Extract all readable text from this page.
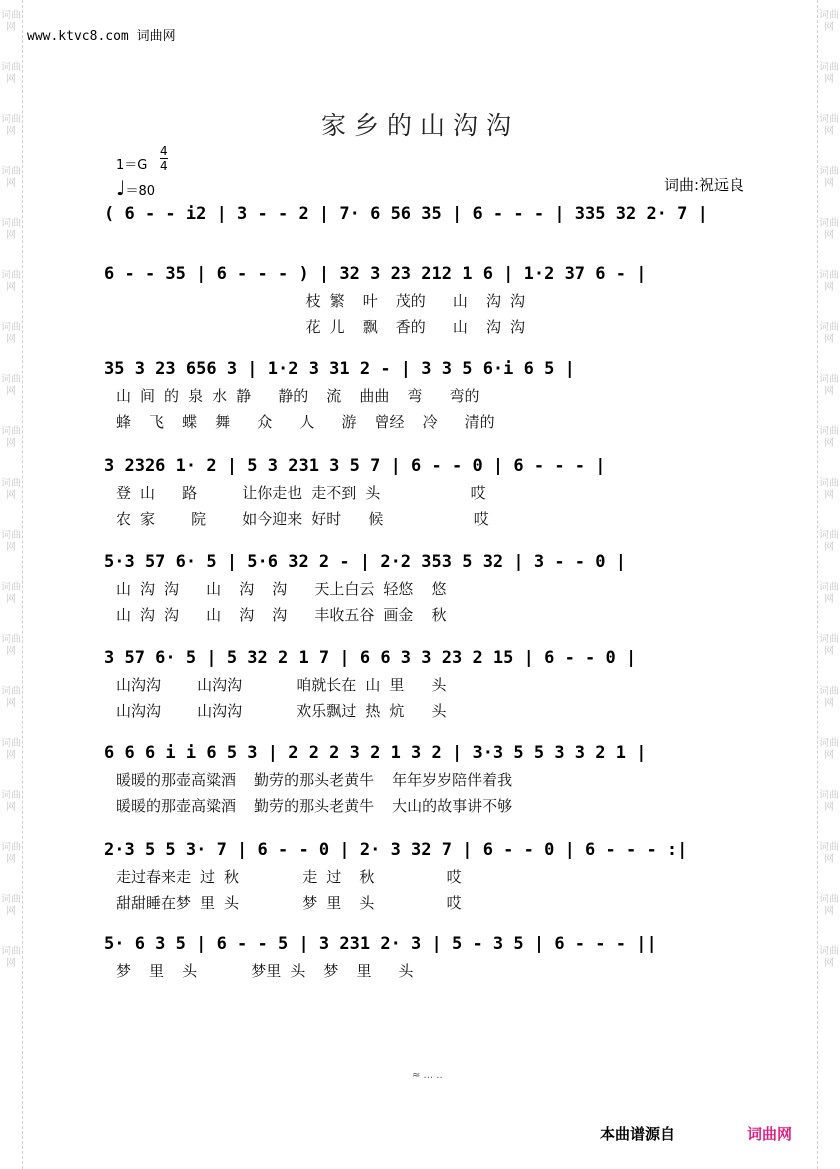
词曲网
词曲网
词曲网
词曲网
词曲网
词曲网
词曲网
词曲网
词曲网
词曲网
词曲网
词曲网
词曲网
词曲网
词曲网
词曲网
词曲网
词曲网
词曲网
词曲网
词曲网
词曲网
词曲网
词曲网
词曲网
词曲网
词曲网
词曲网
词曲网
词曲网
词曲网
词曲网
词曲网
词曲网
词曲网
词曲网
词曲网
词曲网
www.ktvc8.com 词曲网
家乡的山沟沟
1＝G
4
4
♩＝80	词曲:祝远良
( 6 - - i2 | 3 - - 2 | 7· 6 56 35 | 6 - - - | 335 32 2· 7 |
6 - - 35 | 6 - - - ) | 32 3 23 212 1 6 | 1·2 37 6 - |
枝 繁  叶  茂的   山  沟 沟
花 儿  飘  香的   山  沟 沟
35 3 23 656 3 | 1·2 3 31 2 - | 3 3 5 6·i 6 5 |
山 间 的 泉 水 静   静的  流  曲曲  弯   弯的
蜂  飞  蝶  舞   众   人   游  曾经  冷   清的
3 2326 1· 2 | 5 3 231 3 5 7 | 6 - - 0 | 6 - - - |
登 山   路     让你走也 走不到 头          哎
农 家    院    如今迎来 好时   候          哎
5·3 57 6· 5 | 5·6 32 2 - | 2·2 353 5 32 | 3 - - 0 |
山 沟 沟   山  沟  沟   天上白云 轻悠  悠
山 沟 沟   山  沟  沟   丰收五谷 画金  秋
3 57 6· 5 | 5 32 2 1 7 | 6 6 3 3 23 2 15 | 6 - - 0 |
山沟沟    山沟沟      咱就长在 山 里   头
山沟沟    山沟沟      欢乐飘过 热 炕   头
6 6 6 i i 6 5 3 | 2 2 2 3 2 1 3 2 | 3·3 5 5 3 3 2 1 |
暖暖的那壶高粱酒  勤劳的那头老黄牛  年年岁岁陪伴着我
暖暖的那壶高粱酒  勤劳的那头老黄牛  大山的故事讲不够
2·3 5 5 3· 7 | 6 - - 0 | 2· 3 32 7 | 6 - - 0 | 6 - - - :|
走过春来走 过 秋       走 过  秋        哎
甜甜睡在梦 里 头       梦 里  头        哎
5· 6 3 5 | 6 - - 5 | 3 231 2· 3 | 5 - 3 5 | 6 - - - ||
梦  里  头      梦里 头  梦  里   头
≈ ... ..
本曲谱源自	词曲网
